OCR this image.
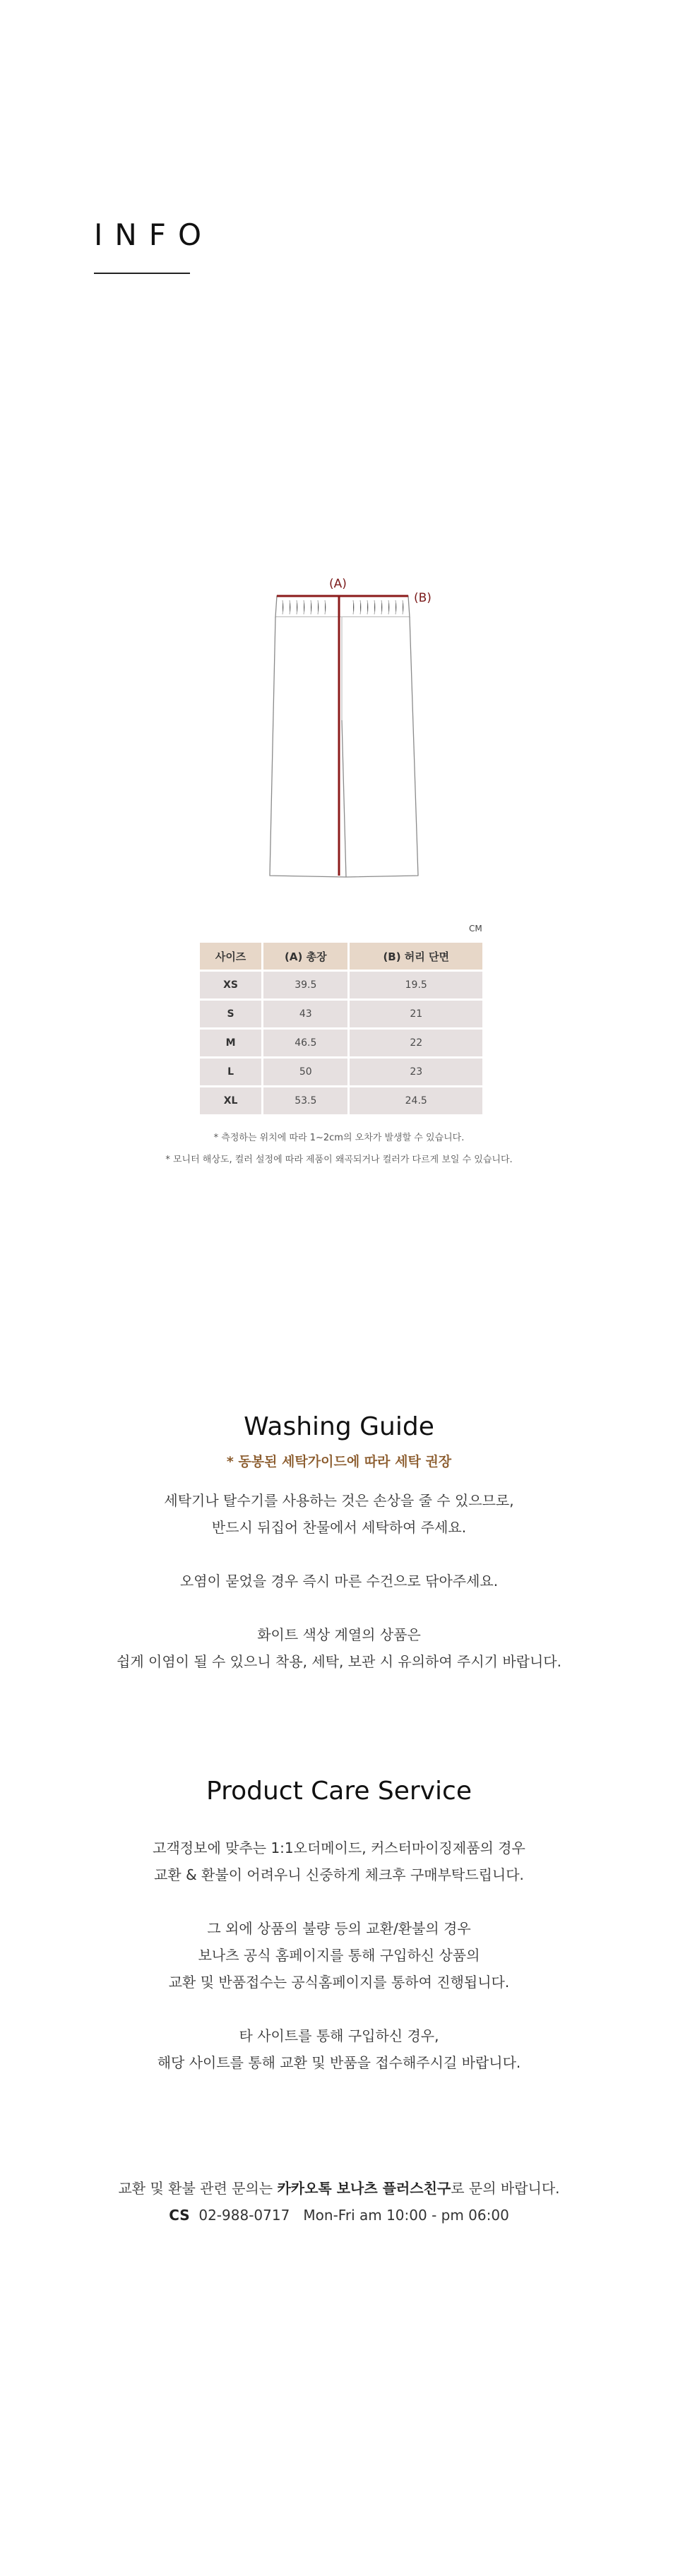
INFO
(A)
(B)
CM
사이즈	(A) 총장	(B) 허리 단면
XS	39.5	19.5
S	43	21
M	46.5	22
L	50	23
XL	53.5	24.5
* 측정하는 위치에 따라 1~2cm의 오차가 발생할 수 있습니다.
* 모니터 해상도, 컬러 설정에 따라 제품이 왜곡되거나 컬러가 다르게 보일 수 있습니다.
Washing Guide
* 동봉된 세탁가이드에 따라 세탁 권장

세탁기나 탈수기를 사용하는 것은 손상을 줄 수 있으므로,
반드시 뒤집어 찬물에서 세탁하여 주세요.

오염이 묻었을 경우 즉시 마른 수건으로 닦아주세요.

화이트 색상 계열의 상품은
쉽게 이염이 될 수 있으니 착용, 세탁, 보관 시 유의하여 주시기 바랍니다.

Product Care Service

고객정보에 맞추는 1:1오더메이드, 커스터마이징제품의 경우
교환 & 환불이 어려우니 신중하게 체크후 구매부탁드립니다.

그 외에 상품의 불량 등의 교환/환불의 경우
보나츠 공식 홈페이지를 통해 구입하신 상품의
교환 및 반품접수는 공식홈페이지를 통하여 진행됩니다.

타 사이트를 통해 구입하신 경우,
해당 사이트를 통해 교환 및 반품을 접수해주시길 바랍니다.

교환 및 환불 관련 문의는 카카오톡 보나츠 플러스친구로 문의 바랍니다.
CS 02-988-0717 Mon-Fri am 10:00 - pm 06:00
